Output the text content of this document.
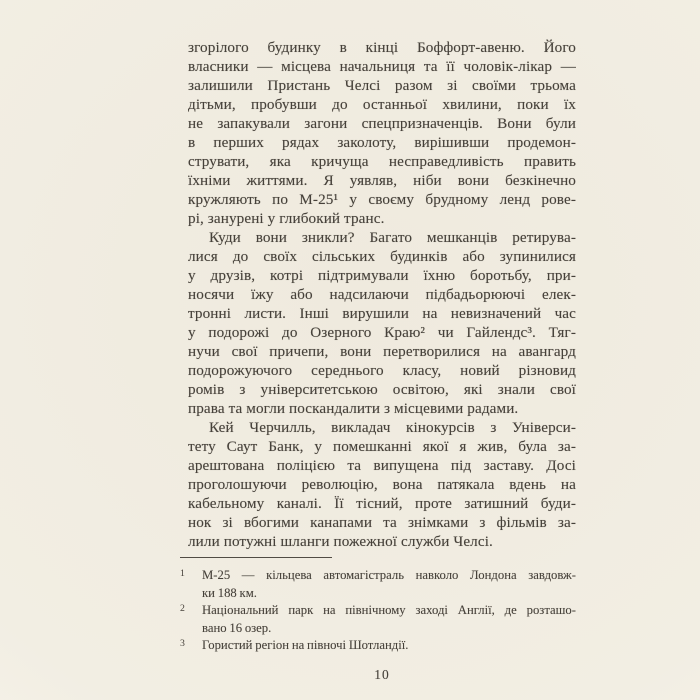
згорілого будинку в кінці Боффорт-авеню. Його
власники — місцева начальниця та її чоловік-лікар —
залишили Пристань Челсі разом зі своїми трьома
дітьми, пробувши до останньої хвилини, поки їх
не запакували загони спецпризначенців. Вони були
в перших рядах заколоту, вирішивши продемон-
струвати, яка кричуща несправедливість править
їхніми життями. Я уявляв, ніби вони безкінечно
кружляють по М-25¹ у своєму брудному ленд рове-
рі, занурені у глибокий транс.
Куди вони зникли? Багато мешканців ретирува-
лися до своїх сільських будинків або зупинилися
у друзів, котрі підтримували їхню боротьбу, при-
носячи їжу або надсилаючи підбадьорюючі елек-
тронні листи. Інші вирушили на невизначений час
у подорожі до Озерного Краю² чи Гайлендс³. Тяг-
нучи свої причепи, вони перетворилися на авангард
подорожуючого середнього класу, новий різновид
ромів з університетською освітою, які знали свої
права та могли поскандалити з місцевими радами.
Кей Черчилль, викладач кінокурсів з Універси-
тету Саут Банк, у помешканні якої я жив, була за-
арештована поліцією та випущена під заставу. Досі
проголошуючи революцію, вона патякала вдень на
кабельному каналі. Її тісний, проте затишний буди-
нок зі вбогими канапами та знімками з фільмів за-
лили потужні шланги пожежної служби Челсі.
1	М-25 — кільцева автомагістраль навколо Лондона завдовж-
ки 188 км.
2	Національний парк на північному заході Англії, де розташо-
вано 16 озер.
3	Гористий регіон на півночі Шотландії.
10
